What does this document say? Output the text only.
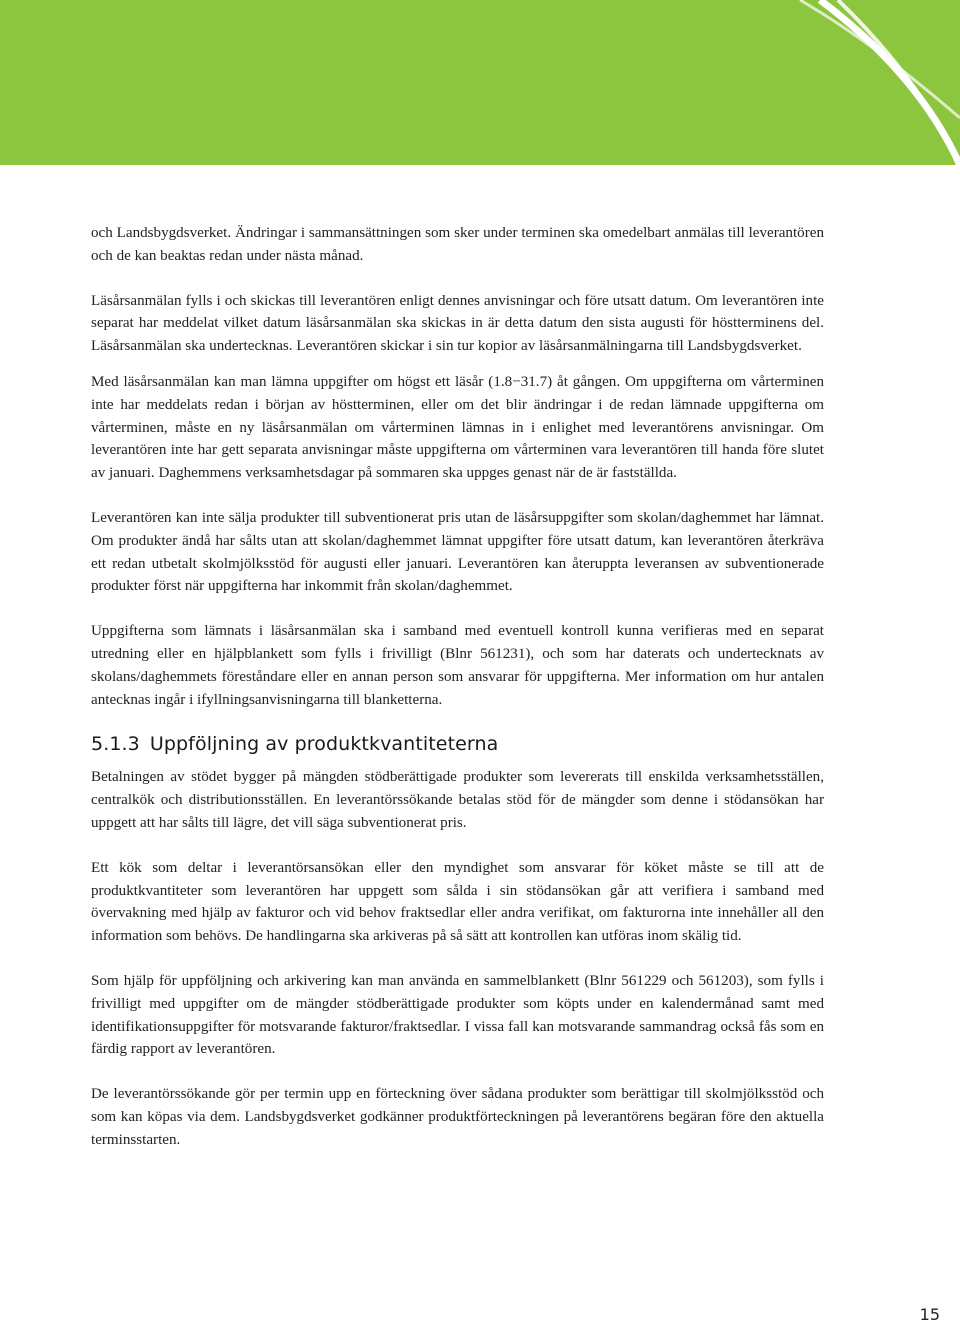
och Landsbygdsverket. Ändringar i sammansättningen som sker under terminen ska omedelbart anmälas till leverantören och de kan beaktas redan under nästa månad.

Läsårsanmälan fylls i och skickas till leverantören enligt dennes anvisningar och före utsatt datum. Om leverantören inte separat har meddelat vilket datum läsårsanmälan ska skickas in är detta datum den sista augusti för höstterminens del. Läsårsanmälan ska undertecknas. Leverantören skickar i sin tur kopior av läsårsanmälningarna till Landsbygdsverket.

Med läsårsanmälan kan man lämna uppgifter om högst ett läsår (1.8−31.7) åt gången. Om uppgifterna om vårterminen inte har meddelats redan i början av höstterminen, eller om det blir ändringar i de redan lämnade uppgifterna om vårterminen, måste en ny läsårsanmälan om vårterminen lämnas in i enlighet med leverantörens anvisningar. Om leverantören inte har gett separata anvisningar måste uppgifterna om vårterminen vara leverantören till handa före slutet av januari. Daghemmens verksamhetsdagar på sommaren ska uppges genast när de är fastställda.

Leverantören kan inte sälja produkter till subventionerat pris utan de läsårsuppgifter som skolan/daghemmet har lämnat. Om produkter ändå har sålts utan att skolan/daghemmet lämnat uppgifter före utsatt datum, kan leverantören återkräva ett redan utbetalt skolmjölksstöd för augusti eller januari. Leverantören kan återuppta leveransen av subventionerade produkter först när uppgifterna har inkommit från skolan/daghemmet.

Uppgifterna som lämnats i läsårsanmälan ska i samband med eventuell kontroll kunna verifieras med en separat utredning eller en hjälpblankett som fylls i frivilligt (Blnr 561231), och som har daterats och undertecknats av skolans/daghemmets föreståndare eller en annan person som ansvarar för uppgifterna. Mer information om hur antalen antecknas ingår i ifyllningsanvisningarna till blanketterna.

5.1.3 Uppföljning av produktkvantiteterna

Betalningen av stödet bygger på mängden stödberättigade produkter som levererats till enskilda verksamhetsställen, centralkök och distributionsställen. En leverantörssökande betalas stöd för de mängder som denne i stödansökan har uppgett att har sålts till lägre, det vill säga subventionerat pris.

Ett kök som deltar i leverantörsansökan eller den myndighet som ansvarar för köket måste se till att de produktkvantiteter som leverantören har uppgett som sålda i sin stödansökan går att verifiera i samband med övervakning med hjälp av fakturor och vid behov fraktsedlar eller andra verifikat, om fakturorna inte innehåller all den information som behövs. De handlingarna ska arkiveras på så sätt att kontrollen kan utföras inom skälig tid.

Som hjälp för uppföljning och arkivering kan man använda en sammelblankett (Blnr 561229 och 561203), som fylls i frivilligt med uppgifter om de mängder stödberättigade produkter som köpts under en kalendermånad samt med identifikationsuppgifter för motsvarande fakturor/fraktsedlar. I vissa fall kan motsvarande sammandrag också fås som en färdig rapport av leverantören.

De leverantörssökande gör per termin upp en förteckning över sådana produkter som berättigar till skolmjölksstöd och som kan köpas via dem. Landsbygdsverket godkänner produktförteckningen på leverantörens begäran före den aktuella terminsstarten.

15
